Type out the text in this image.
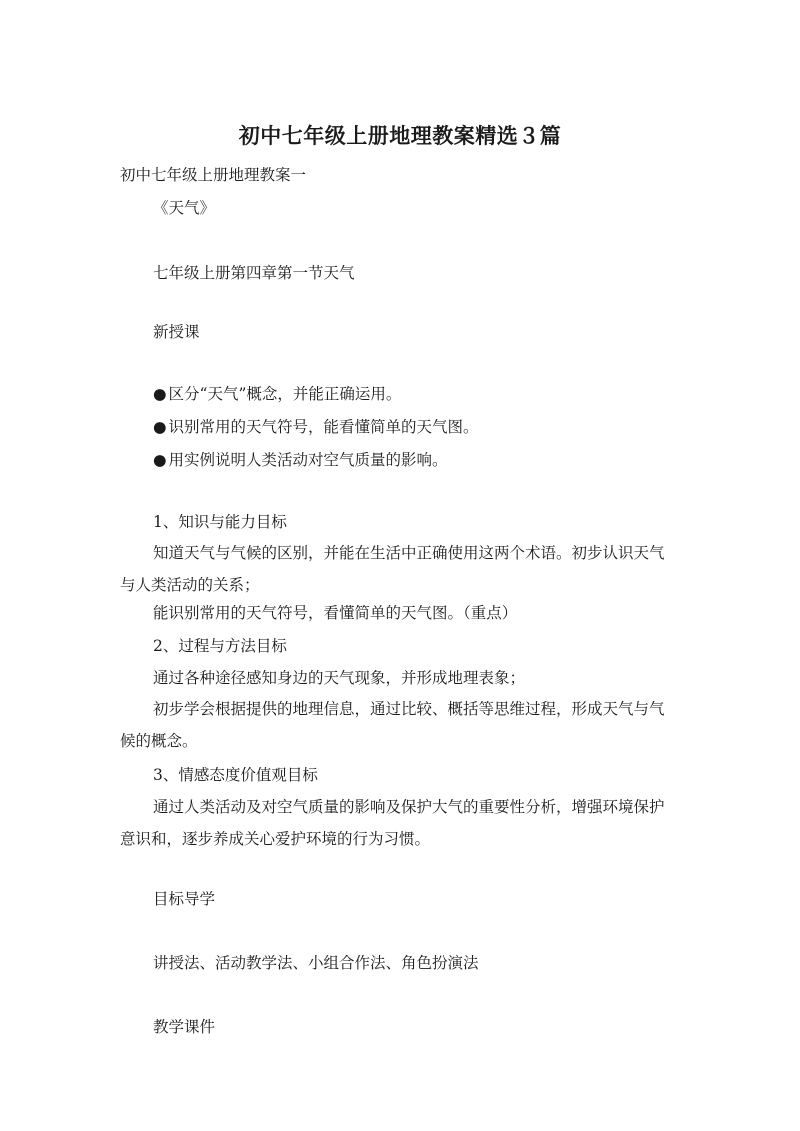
初中七年级上册地理教案精选３篇
初中七年级上册地理教案一
《天气》
七年级上册第四章第一节天气
新授课
● 区分“天气”概念，并能正确运用。
● 识别常用的天气符号，能看懂简单的天气图。
● 用实例说明人类活动对空气质量的影响。
1、知识与能力目标
知道天气与气候的区别，并能在生活中正确使用这两个术语。初步认识天气与人类活动的关系；
能识别常用的天气符号，看懂简单的天气图。（重点）
2、过程与方法目标
通过各种途径感知身边的天气现象，并形成地理表象；
初步学会根据提供的地理信息，通过比较、概括等思维过程，形成天气与气候的概念。
3、情感态度价值观目标
通过人类活动及对空气质量的影响及保护大气的重要性分析，增强环境保护意识和，逐步养成关心爱护环境的行为习惯。
目标导学
讲授法、活动教学法、小组合作法、角色扮演法
教学课件
